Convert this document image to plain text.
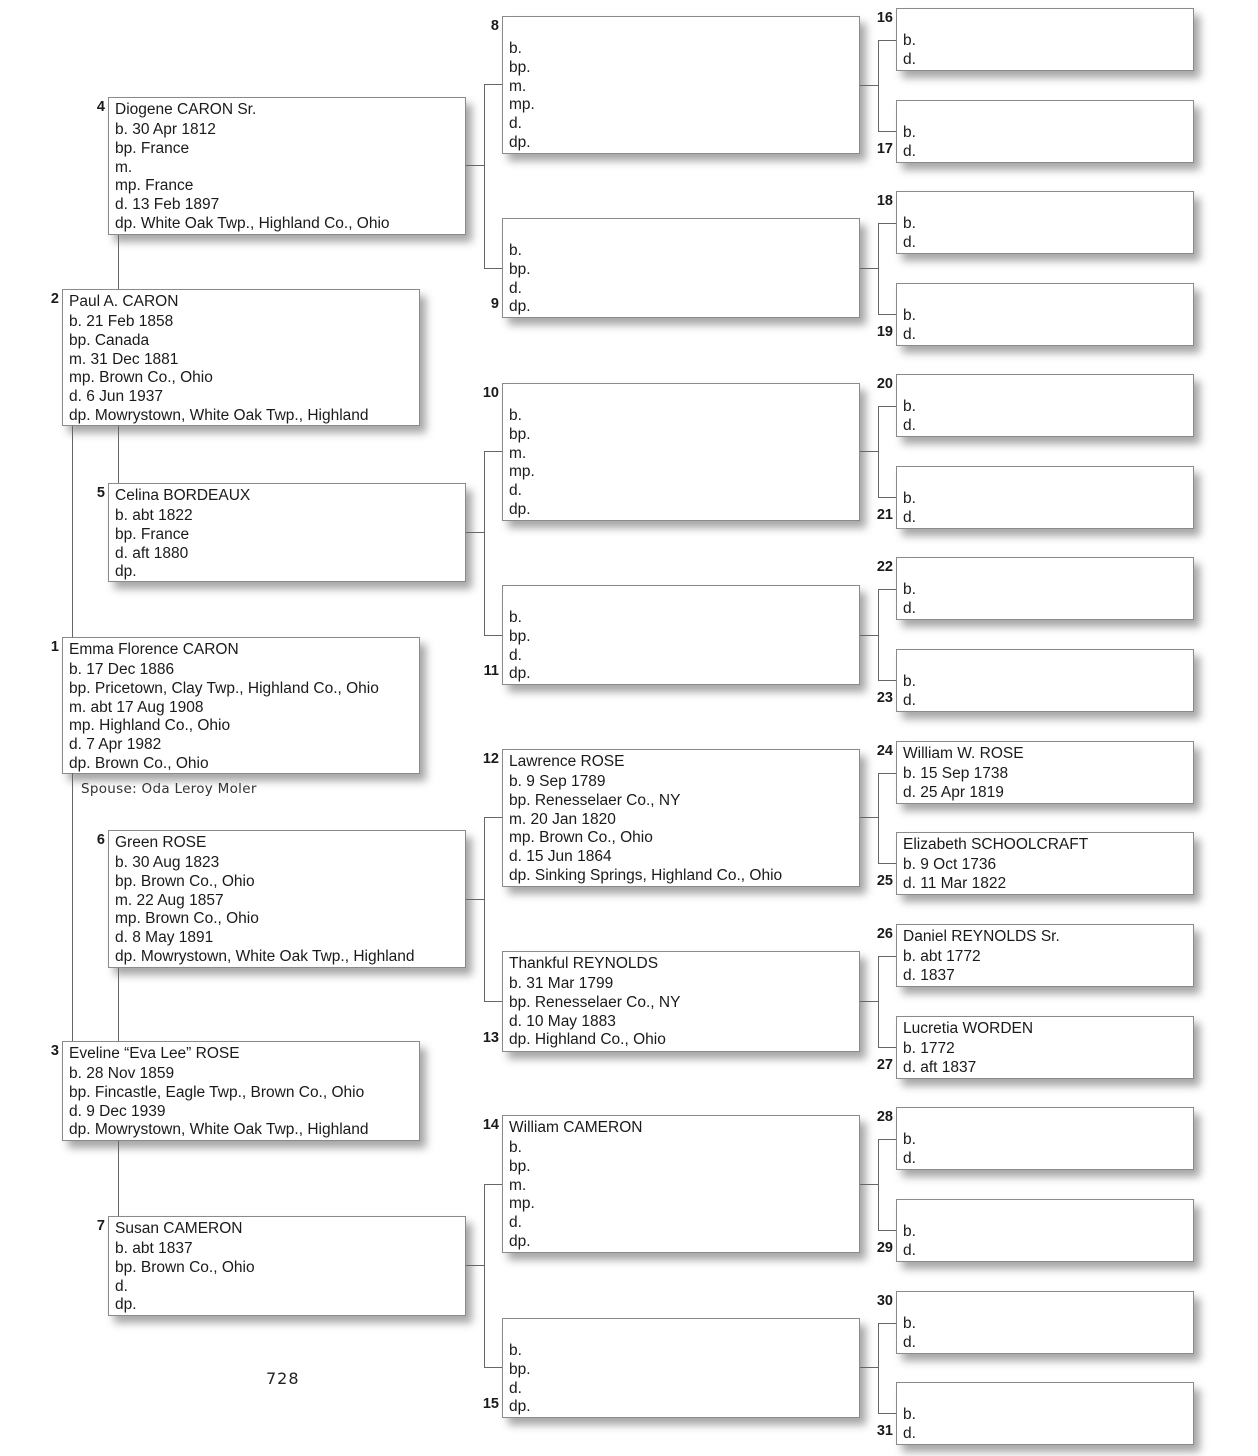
Emma Florence CARON
b. 17 Dec 1886
bp. Pricetown, Clay Twp., Highland Co., Ohio
m. abt 17 Aug 1908
mp. Highland Co., Ohio
d. 7 Apr 1982
dp. Brown Co., Ohio
1
Paul A. CARON
b. 21 Feb 1858
bp. Canada
m. 31 Dec 1881
mp. Brown Co., Ohio
d. 6 Jun 1937
dp. Mowrystown, White Oak Twp., Highland
2
Eveline “Eva Lee” ROSE
b. 28 Nov 1859
bp. Fincastle, Eagle Twp., Brown Co., Ohio
d. 9 Dec 1939
dp. Mowrystown, White Oak Twp., Highland
3
Diogene CARON Sr.
b. 30 Apr 1812
bp. France
m.
mp. France
d. 13 Feb 1897
dp. White Oak Twp., Highland Co., Ohio
4
Celina BORDEAUX
b. abt 1822
bp. France
d. aft 1880
dp.
5
Green ROSE
b. 30 Aug 1823
bp. Brown Co., Ohio
m. 22 Aug 1857
mp. Brown Co., Ohio
d. 8 May 1891
dp. Mowrystown, White Oak Twp., Highland
6
Susan CAMERON
b. abt 1837
bp. Brown Co., Ohio
d.
dp.
7

b.
bp.
m.
mp.
d.
dp.
8

b.
bp.
d.
dp.
9

b.
bp.
m.
mp.
d.
dp.
10

b.
bp.
d.
dp.
11
Lawrence ROSE
b. 9 Sep 1789
bp. Renesselaer Co., NY
m. 20 Jan 1820
mp. Brown Co., Ohio
d. 15 Jun 1864
dp. Sinking Springs, Highland Co., Ohio
12
Thankful REYNOLDS
b. 31 Mar 1799
bp. Renesselaer Co., NY
d. 10 May 1883
dp. Highland Co., Ohio
13
William CAMERON
b.
bp.
m.
mp.
d.
dp.
14

b.
bp.
d.
dp.
15

b.
d.
16

b.
d.
17

b.
d.
18

b.
d.
19

b.
d.
20

b.
d.
21

b.
d.
22

b.
d.
23
William W. ROSE
b. 15 Sep 1738
d. 25 Apr 1819
24
Elizabeth SCHOOLCRAFT
b. 9 Oct 1736
d. 11 Mar 1822
25
Daniel REYNOLDS Sr.
b. abt 1772
d. 1837
26
Lucretia WORDEN
b. 1772
d. aft 1837
27

b.
d.
28

b.
d.
29

b.
d.
30

b.
d.
31
Spouse: Oda Leroy Moler
728
